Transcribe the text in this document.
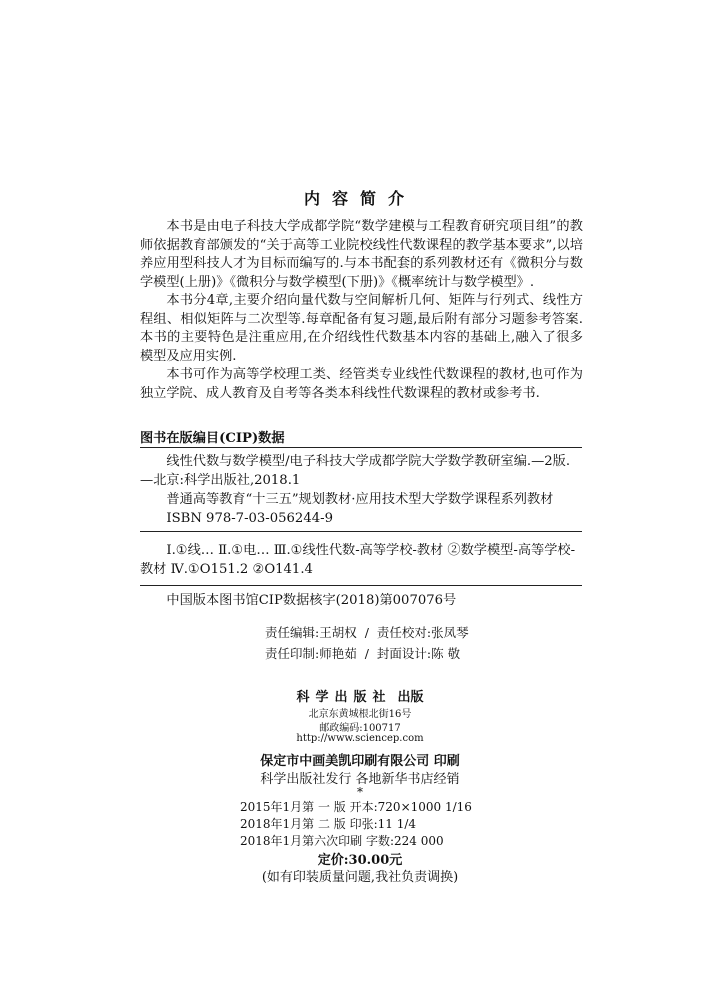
内容简介

本书是由电子科技大学成都学院“数学建模与工程教育研究项目组”的教师依据教育部颁发的“关于高等工业院校线性代数课程的教学基本要求”,以培养应用型科技人才为目标而编写的.与本书配套的系列教材还有《微积分与数学模型(上册)》《微积分与数学模型(下册)》《概率统计与数学模型》.

本书分4章,主要介绍向量代数与空间解析几何、矩阵与行列式、线性方程组、相似矩阵与二次型等.每章配备有复习题,最后附有部分习题参考答案.本书的主要特色是注重应用,在介绍线性代数基本内容的基础上,融入了很多模型及应用实例.

本书可作为高等学校理工类、经管类专业线性代数课程的教材,也可作为独立学院、成人教育及自考等各类本科线性代数课程的教材或参考书.

图书在版编目(CIP)数据
线性代数与数学模型/电子科技大学成都学院大学数学教研室编.—2版.—北京:科学出版社,2018.1
普通高等教育“十三五”规划教材·应用技术型大学数学课程系列教材
ISBN 978-7-03-056244-9
Ⅰ.①线… Ⅱ.①电… Ⅲ.①线性代数-高等学校-教材 ②数学模型-高等学校-教材 Ⅳ.①O151.2 ②O141.4
中国版本图书馆CIP数据核字(2018)第007076号
责任编辑:王胡权 / 责任校对:张凤琴
责任印制:师艳茹 / 封面设计:陈 敬
科学出版社 出版
北京东黄城根北街16号
邮政编码:100717
http://www.sciencep.com
保定市中画美凯印刷有限公司 印刷
科学出版社发行 各地新华书店经销
*
2015年1月第 一 版 开本:720×1000 1/16
2018年1月第 二 版 印张:11 1/4
2018年1月第六次印刷 字数:224 000
定价:30.00元
(如有印装质量问题,我社负责调换)
